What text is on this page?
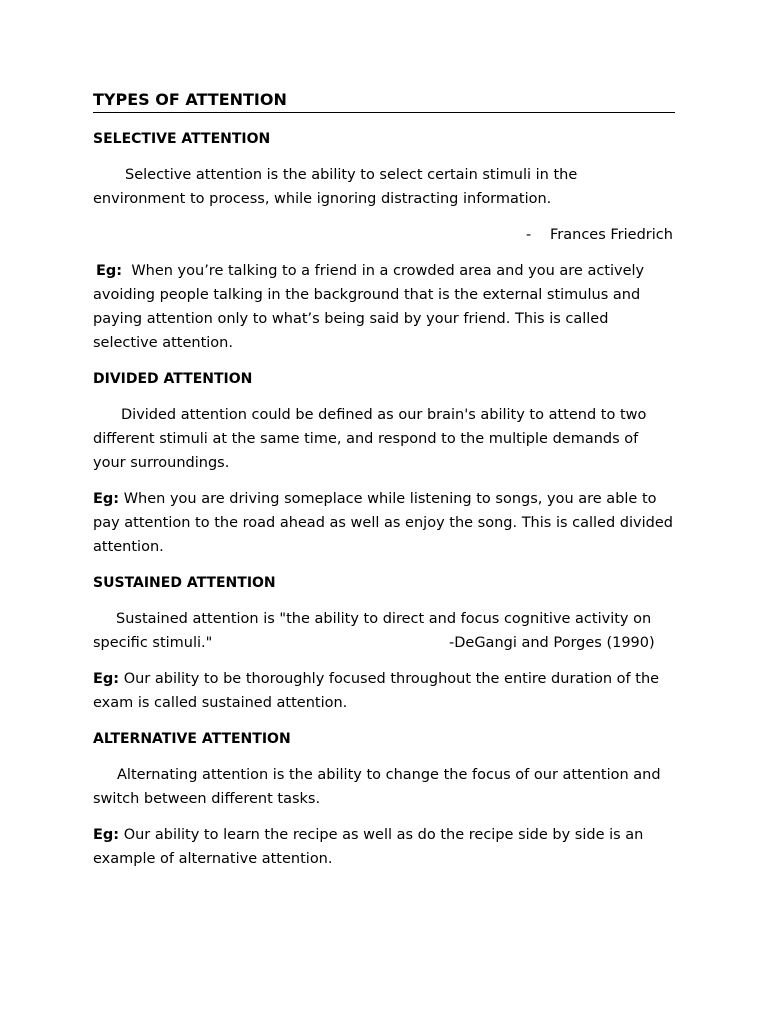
TYPES OF ATTENTION
SELECTIVE ATTENTION

Selective attention is the ability to select certain stimuli in the

environment to process, while ignoring distracting information.

- Frances Friedrich

Eg: When you’re talking to a friend in a crowded area and you are actively

avoiding people talking in the background that is the external stimulus and

paying attention only to what’s being said by your friend. This is called

selective attention.

DIVIDED ATTENTION

Divided attention could be defined as our brain's ability to attend to two

different stimuli at the same time, and respond to the multiple demands of

your surroundings.

Eg: When you are driving someplace while listening to songs, you are able to

pay attention to the road ahead as well as enjoy the song. This is called divided

attention.

SUSTAINED ATTENTION

Sustained attention is "the ability to direct and focus cognitive activity on

specific stimuli."	-DeGangi and Porges (1990)

Eg: Our ability to be thoroughly focused throughout the entire duration of the

exam is called sustained attention.

ALTERNATIVE ATTENTION

Alternating attention is the ability to change the focus of our attention and

switch between different tasks.

Eg: Our ability to learn the recipe as well as do the recipe side by side is an

example of alternative attention.
